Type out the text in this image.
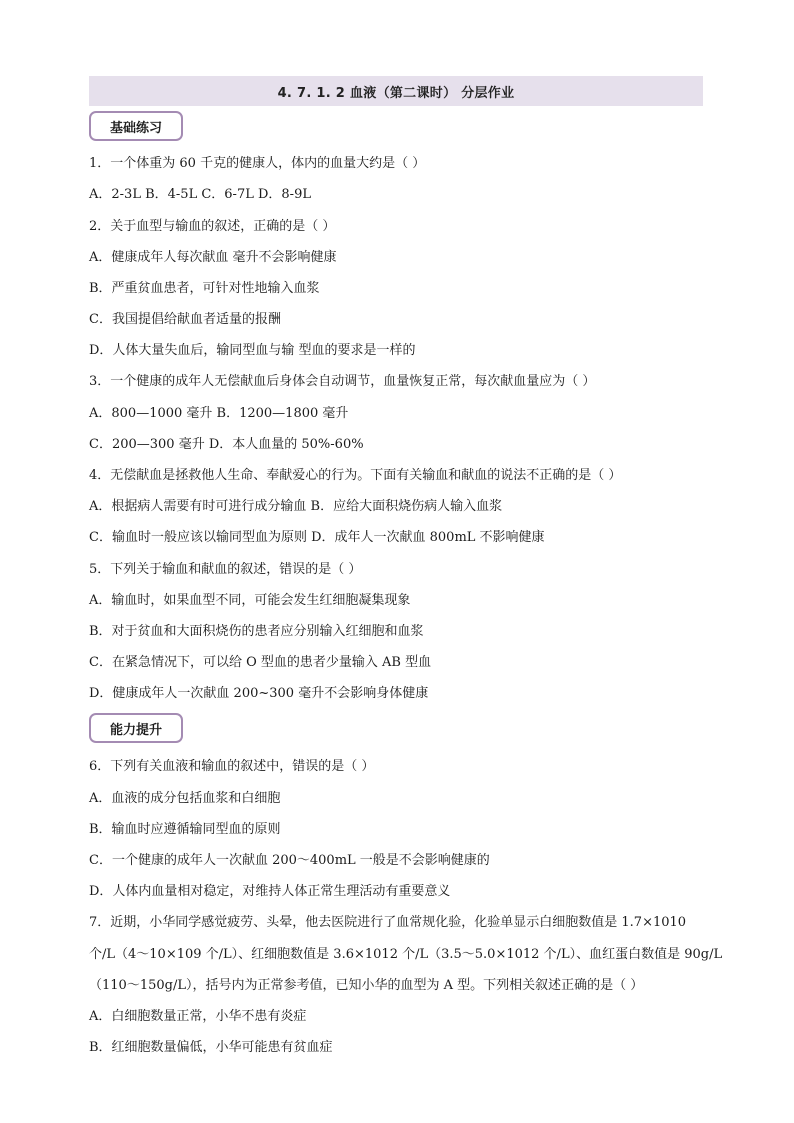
4. 7. 1. 2 血液（第二课时） 分层作业
基础练习
能力提升
1．一个体重为 60 千克的健康人，体内的血量大约是（ ）
A．2-3L B．4-5L C．6-7L D．8-9L
2．关于血型与输血的叙述，正确的是（ ）
A．健康成年人每次献血 毫升不会影响健康
B．严重贫血患者，可针对性地输入血浆
C．我国提倡给献血者适量的报酬
D．人体大量失血后，输同型血与输 型血的要求是一样的
3．一个健康的成年人无偿献血后身体会自动调节，血量恢复正常，每次献血量应为（ ）
A．800—1000 毫升 B．1200—1800 毫升
C．200—300 毫升 D．本人血量的 50%-60%
4．无偿献血是拯救他人生命、奉献爱心的行为。下面有关输血和献血的说法不正确的是（ ）
A．根据病人需要有时可进行成分输血 B．应给大面积烧伤病人输入血浆
C．输血时一般应该以输同型血为原则 D．成年人一次献血 800mL 不影响健康
5．下列关于输血和献血的叙述，错误的是（ ）
A．输血时，如果血型不同，可能会发生红细胞凝集现象
B．对于贫血和大面积烧伤的患者应分别输入红细胞和血浆
C．在紧急情况下，可以给 O 型血的患者少量输入 AB 型血
D．健康成年人一次献血 200~300 毫升不会影响身体健康
6．下列有关血液和输血的叙述中，错误的是（ ）
A．血液的成分包括血浆和白细胞
B．输血时应遵循输同型血的原则
C．一个健康的成年人一次献血 200～400mL 一般是不会影响健康的
D．人体内血量相对稳定，对维持人体正常生理活动有重要意义
7．近期，小华同学感觉疲劳、头晕，他去医院进行了血常规化验，化验单显示白细胞数值是 1.7×1010
个/L（4～10×109 个/L）、红细胞数值是 3.6×1012 个/L（3.5～5.0×1012 个/L）、血红蛋白数值是 90g/L
（110～150g/L），括号内为正常参考值，已知小华的血型为 A 型。下列相关叙述正确的是（ ）
A．白细胞数量正常，小华不患有炎症
B．红细胞数量偏低，小华可能患有贫血症
